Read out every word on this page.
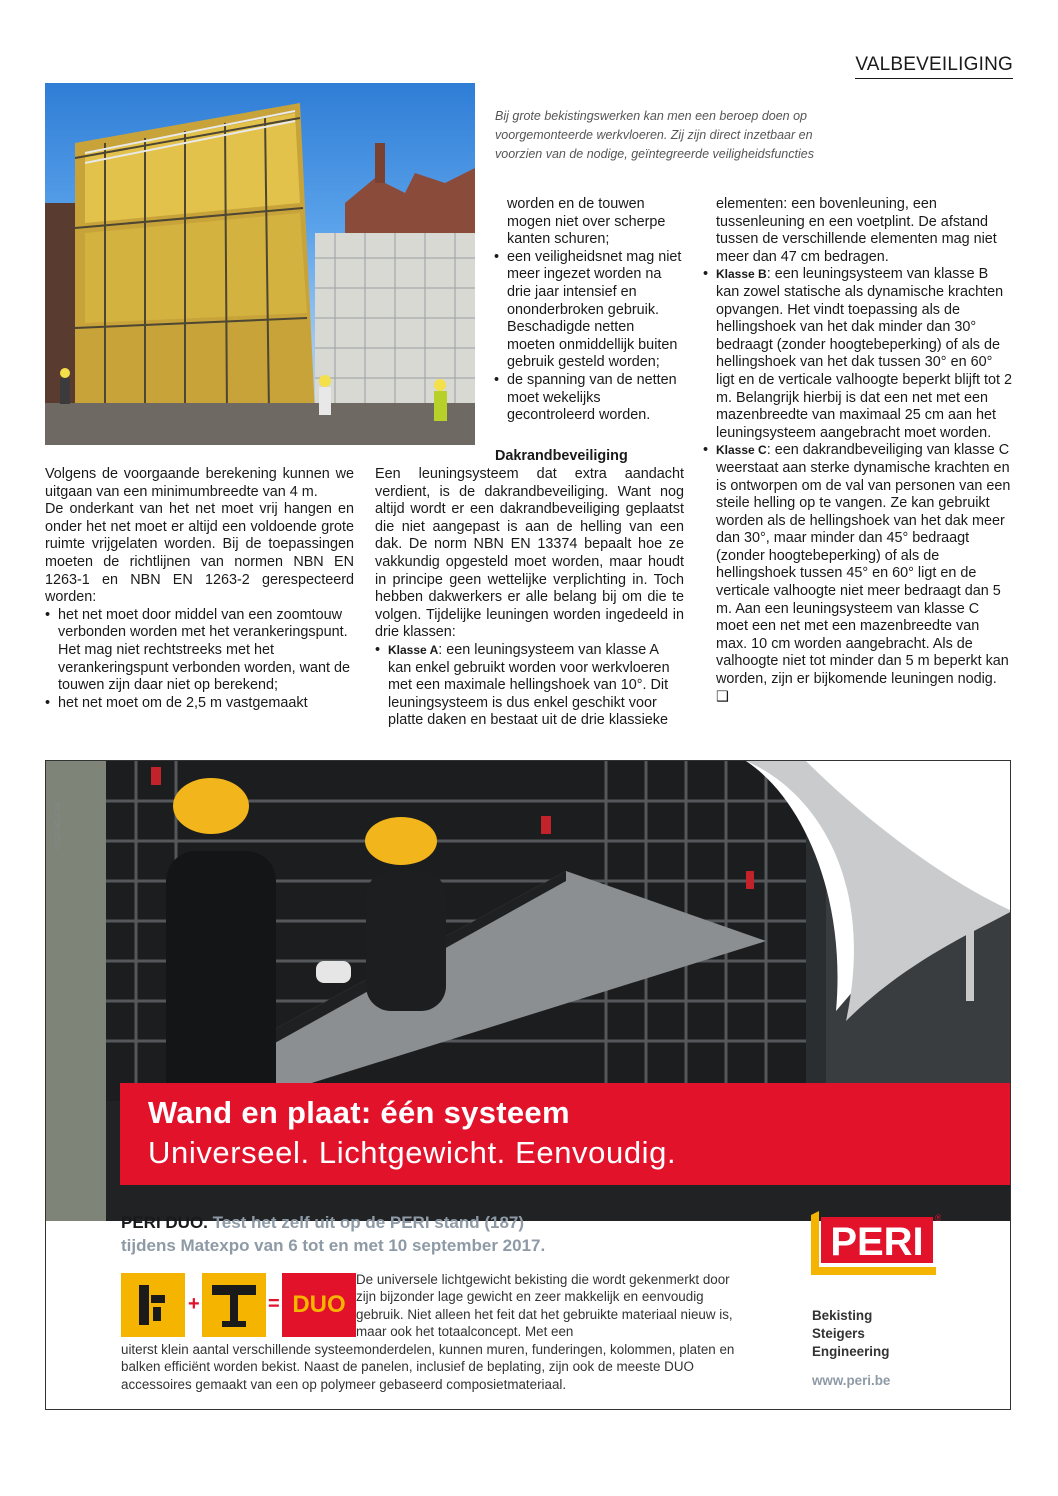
VALBEVEILIGING
Bij grote bekistingswerken kan men een beroep doen op voorgemonteerde werkvloeren. Zij zijn direct inzetbaar en voorzien van de nodige, geïntegreerde veiligheidsfuncties

Volgens de voorgaande berekening kunnen we uitgaan van een minimumbreedte van 4 m.

De onderkant van het net moet vrij hangen en onder het net moet er altijd een voldoende grote ruimte vrijgelaten worden. Bij de toepassingen moeten de richtlijnen van normen NBN EN 1263-1 en NBN EN 1263-2 gerespecteerd worden:

• het net moet door middel van een zoomtouw verbonden worden met het verankeringspunt. Het mag niet rechtstreeks met het verankeringspunt verbonden worden, want de touwen zijn daar niet op berekend;

• het net moet om de 2,5 m vastgemaakt

worden en de touwen mogen niet over scherpe kanten schuren;

• een veiligheidsnet mag niet meer ingezet worden na drie jaar intensief en ononderbroken gebruik. Beschadigde netten moeten onmiddellijk buiten gebruik gesteld worden;

• de spanning van de netten moet wekelijks gecontroleerd worden.

Dakrandbeveiliging

Een leuningsysteem dat extra aandacht verdient, is de dakrandbeveiliging. Want nog altijd wordt er een dakrandbeveiliging geplaatst die niet aangepast is aan de helling van een dak. De norm NBN EN 13374 bepaalt hoe ze vakkundig opgesteld moet worden, maar houdt in principe geen wettelijke verplichting in. Toch hebben dakwerkers er alle belang bij om die te volgen. Tijdelijke leuningen worden ingedeeld in drie klassen:

• Klasse A: een leuningsysteem van klasse A kan enkel gebruikt worden voor werkvloeren met een maximale hellingshoek van 10°. Dit leuningsysteem is dus enkel geschikt voor platte daken en bestaat uit de drie klassieke

elementen: een bovenleuning, een tussenleuning en een voetplint. De afstand tussen de verschillende elementen mag niet meer dan 47 cm bedragen.

• Klasse B: een leuningsysteem van klasse B kan zowel statische als dynamische krachten opvangen. Het vindt toepassing als de hellingshoek van het dak minder dan 30° bedraagt (zonder hoogtebeperking) of als de hellingshoek van het dak tussen 30° en 60° ligt en de verticale valhoogte beperkt blijft tot 2 m. Belangrijk hierbij is dat een net met een mazenbreedte van maximaal 25 cm aan het leuningsysteem aangebracht moet worden.

• Klasse C: een dakrandbeveiliging van klasse C weerstaat aan sterke dynamische krachten en is ontworpen om de val van personen van een steile helling op te vangen. Ze kan gebruikt worden als de hellingshoek van het dak meer dan 30°, maar minder dan 45° bedraagt (zonder hoogtebeperking) of als de hellingshoek tussen 45° en 60° ligt en de verticale valhoogte niet meer bedraagt dan 5 m. Aan een leuningsysteem van klasse C moet een net met een mazenbreedte van max. 10 cm worden aangebracht. Als de valhoogte niet tot minder dan 5 m beperkt kan worden, zijn er bijkomende leuningen nodig. ❑

BE-PERI-1519
Wand en plaat: één systeem
Universeel. Lichtgewicht. Eenvoudig.
PERI DUO. Test het zelf uit op de PERI stand (187)
tijdens Matexpo van 6 tot en met 10 september 2017.
+	= DUO
De universele lichtgewicht bekisting die wordt gekenmerkt door zijn bijzonder lage gewicht en zeer makkelijk en eenvoudig gebruik. Niet alleen het feit dat het gebruikte materiaal nieuw is, maar ook het totaalconcept. Met een
uiterst klein aantal verschillende systeemonderdelen, kunnen muren, funderingen, kolommen, platen en balken efficiënt worden bekist. Naast de panelen, inclusief de beplating, zijn ook de meeste DUO accessoires gemaakt van een op polymeer gebaseerd composietmateriaal.
PERI
®
Bekisting
Steigers
Engineering
www.peri.be
